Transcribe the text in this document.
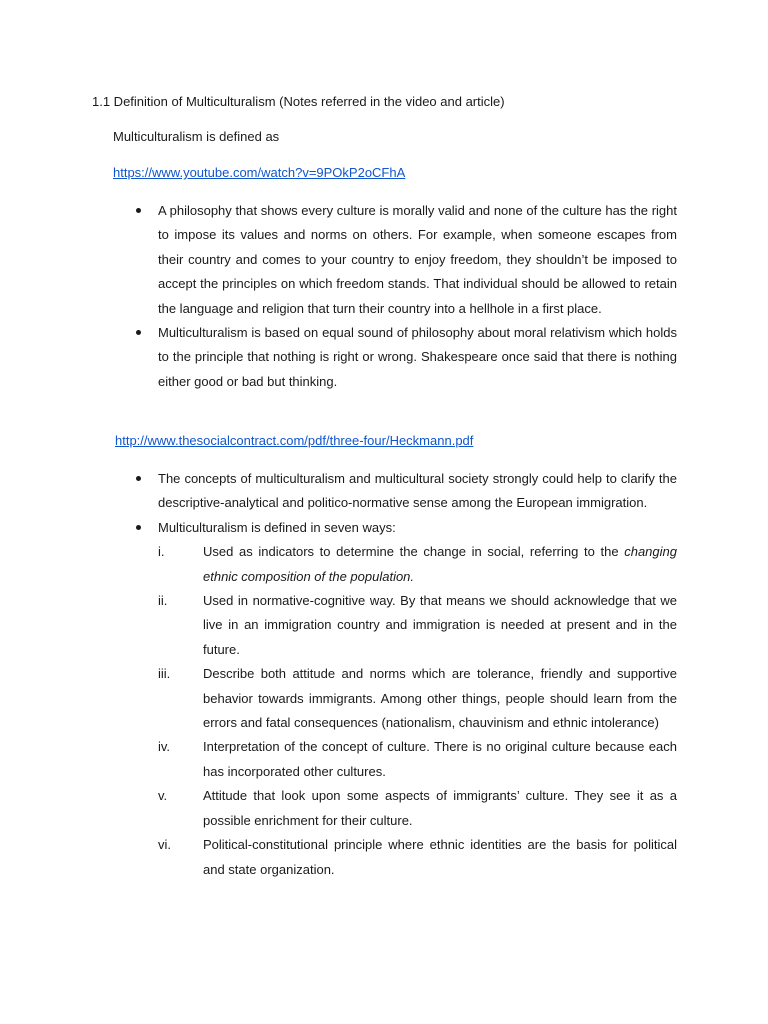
1.1 Definition of Multiculturalism (Notes referred in the video and article)
Multiculturalism is defined as
https://www.youtube.com/watch?v=9POkP2oCFhA
A philosophy that shows every culture is morally valid and none of the culture has the right to impose its values and norms on others. For example, when someone escapes from their country and comes to your country to enjoy freedom, they shouldn’t be imposed to accept the principles on which freedom stands. That individual should be allowed to retain the language and religion that turn their country into a hellhole in a first place.
Multiculturalism is based on equal sound of philosophy about moral relativism which holds to the principle that nothing is right or wrong. Shakespeare once said that there is nothing either good or bad but thinking.
http://www.thesocialcontract.com/pdf/three-four/Heckmann.pdf
The concepts of multiculturalism and multicultural society strongly could help to clarify the descriptive-analytical and politico-normative sense among the European immigration.
Multiculturalism is defined in seven ways:
i.	Used as indicators to determine the change in social, referring to the changing ethnic composition of the population.
ii.	Used in normative-cognitive way. By that means we should acknowledge that we live in an immigration country and immigration is needed at present and in the future.
iii.	Describe both attitude and norms which are tolerance, friendly and supportive behavior towards immigrants. Among other things, people should learn from the errors and fatal consequences (nationalism, chauvinism and ethnic intolerance)
iv.	Interpretation of the concept of culture. There is no original culture because each has incorporated other cultures.
v.	Attitude that look upon some aspects of immigrants’ culture. They see it as a possible enrichment for their culture.
vi.	Political-constitutional principle where ethnic identities are the basis for political and state organization.
